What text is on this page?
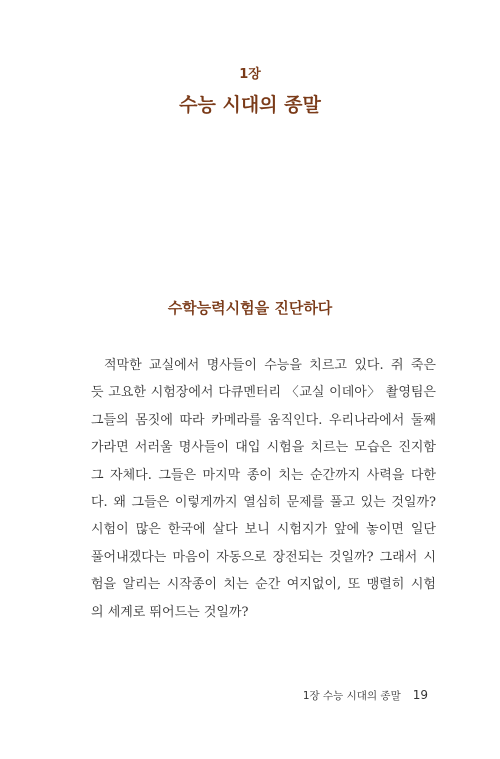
1장
수능 시대의 종말
수학능력시험을 진단하다
적막한 교실에서 명사들이 수능을 치르고 있다. 쥐 죽은
듯 고요한 시험장에서 다큐멘터리 〈교실 이데아〉 촬영팀은
그들의 몸짓에 따라 카메라를 움직인다. 우리나라에서 둘째
가라면 서러울 명사들이 대입 시험을 치르는 모습은 진지함
그 자체다. 그들은 마지막 종이 치는 순간까지 사력을 다한
다. 왜 그들은 이렇게까지 열심히 문제를 풀고 있는 것일까?
시험이 많은 한국에 살다 보니 시험지가 앞에 놓이면 일단
풀어내겠다는 마음이 자동으로 장전되는 것일까? 그래서 시
험을 알리는 시작종이 치는 순간 여지없이, 또 맹렬히 시험
의 세계로 뛰어드는 것일까?
1장 수능 시대의 종말 19
